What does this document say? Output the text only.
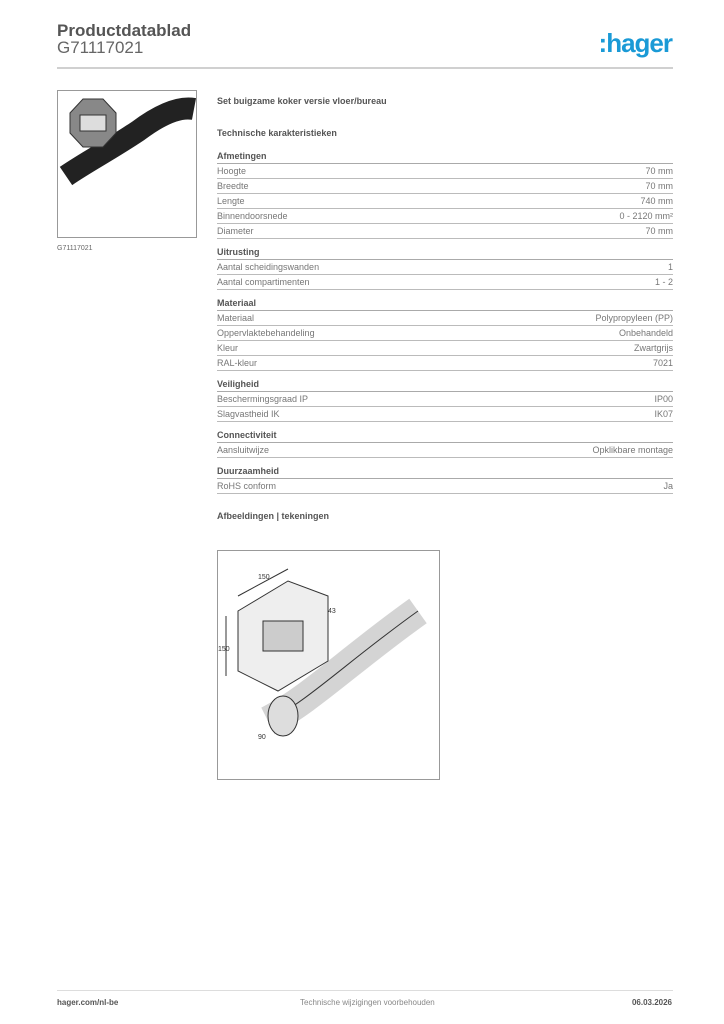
Productdatablad
G71117021	:hager
G71117021
Set buigzame koker versie vloer/bureau
Technische karakteristieken
Afmetingen
Hoogte	70 mm
Breedte	70 mm
Lengte	740 mm
Binnendoorsnede	0 - 2120 mm²
Diameter	70 mm
Uitrusting
Aantal scheidingswanden	1
Aantal compartimenten	1 - 2
Materiaal
Materiaal	Polypropyleen (PP)
Oppervlaktebehandeling	Onbehandeld
Kleur	Zwartgrijs
RAL-kleur	7021
Veiligheid
Beschermingsgraad IP	IP00
Slagvastheid IK	IK07
Connectiviteit
Aansluitwijze	Opklikbare montage
Duurzaamheid
RoHS conform	Ja
Afbeeldingen | tekeningen
150
43
150
90
hager.com/nl-be	Technische wijzigingen voorbehouden	06.03.2026
